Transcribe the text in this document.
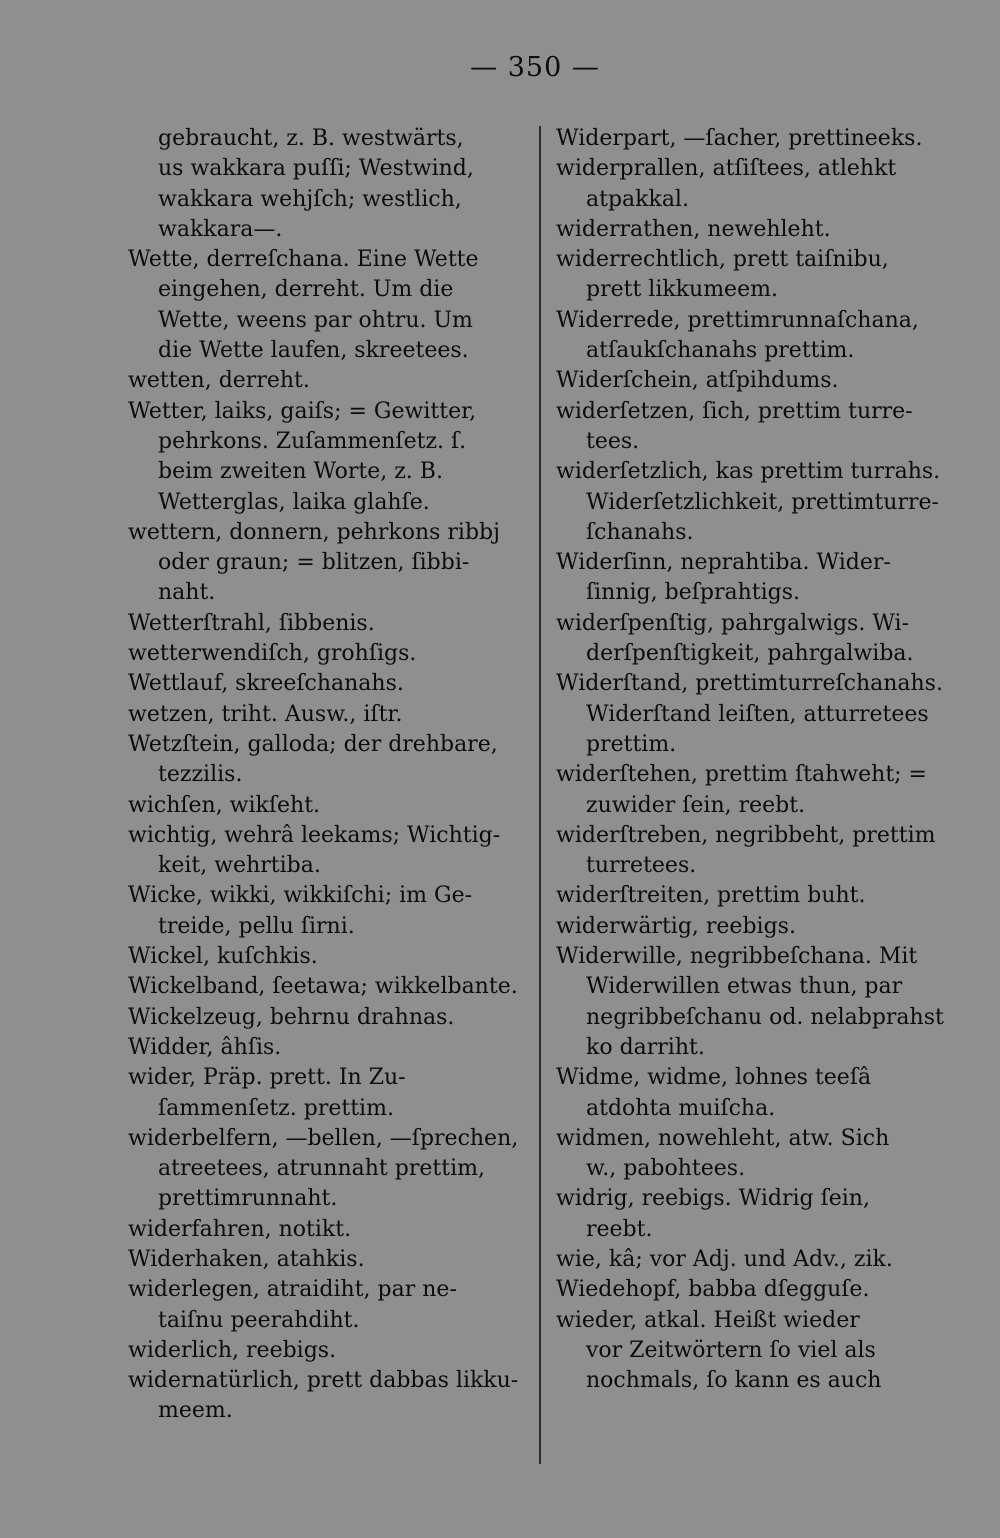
— 350 —
gebraucht, z. B. westwärts,
us wakkara puſſi; Westwind,
wakkara wehjſch; westlich,
wakkara—.
Wette, derreſchana. Eine Wette
eingehen, derreht. Um die
Wette, weens par ohtru. Um
die Wette laufen, skreetees.
wetten, derreht.
Wetter, laiks, gaiſs; = Gewitter,
pehrkons. Zuſammenſetz. ſ.
beim zweiten Worte, z. B.
Wetterglas, laika glahſe.
wettern, donnern, pehrkons ribbj
oder graun; = blitzen, ſibbi-
naht.
Wetterſtrahl, ſibbenis.
wetterwendiſch, grohſigs.
Wettlauf, skreeſchanahs.
wetzen, triht. Ausw., iſtr.
Wetzſtein, galloda; der drehbare,
tezzilis.
wichſen, wikſeht.
wichtig, wehrâ leekams; Wichtig-
keit, wehrtiba.
Wicke, wikki, wikkiſchi; im Ge-
treide, pellu ſirni.
Wickel, kuſchkis.
Wickelband, ſeetawa; wikkelbante.
Wickelzeug, behrnu drahnas.
Widder, âhſis.
wider, Präp. prett. In Zu-
ſammenſetz. prettim.
widerbelfern, —bellen, —ſprechen,
atreetees, atrunnaht prettim,
prettimrunnaht.
widerfahren, notikt.
Widerhaken, atahkis.
widerlegen, atraidiht, par ne-
taiſnu peerahdiht.
widerlich, reebigs.
widernatürlich, prett dabbas likku-
meem.
Widerpart, —ſacher, prettineeks.
widerprallen, atſiſtees, atlehkt
atpakkal.
widerrathen, newehleht.
widerrechtlich, prett taiſnibu,
prett likkumeem.
Widerrede, prettimrunnaſchana,
atſaukſchanahs prettim.
Widerſchein, atſpihdums.
widerſetzen, ſich, prettim turre-
tees.
widerſetzlich, kas prettim turrahs.
Widerſetzlichkeit, prettimturre-
ſchanahs.
Widerſinn, neprahtiba. Wider-
ſinnig, beſprahtigs.
widerſpenſtig, pahrgalwigs. Wi-
derſpenſtigkeit, pahrgalwiba.
Widerſtand, prettimturreſchanahs.
Widerſtand leiſten, atturretees
prettim.
widerſtehen, prettim ſtahweht; =
zuwider ſein, reebt.
widerſtreben, negribbeht, prettim
turretees.
widerſtreiten, prettim buht.
widerwärtig, reebigs.
Widerwille, negribbeſchana. Mit
Widerwillen etwas thun, par
negribbeſchanu od. nelabprahst
ko darriht.
Widme, widme, lohnes teeſâ
atdohta muiſcha.
widmen, nowehleht, atw. Sich
w., pabohtees.
widrig, reebigs. Widrig ſein,
reebt.
wie, kâ; vor Adj. und Adv., zik.
Wiedehopf, babba dſegguſe.
wieder, atkal. Heißt wieder
vor Zeitwörtern ſo viel als
nochmals, ſo kann es auch
